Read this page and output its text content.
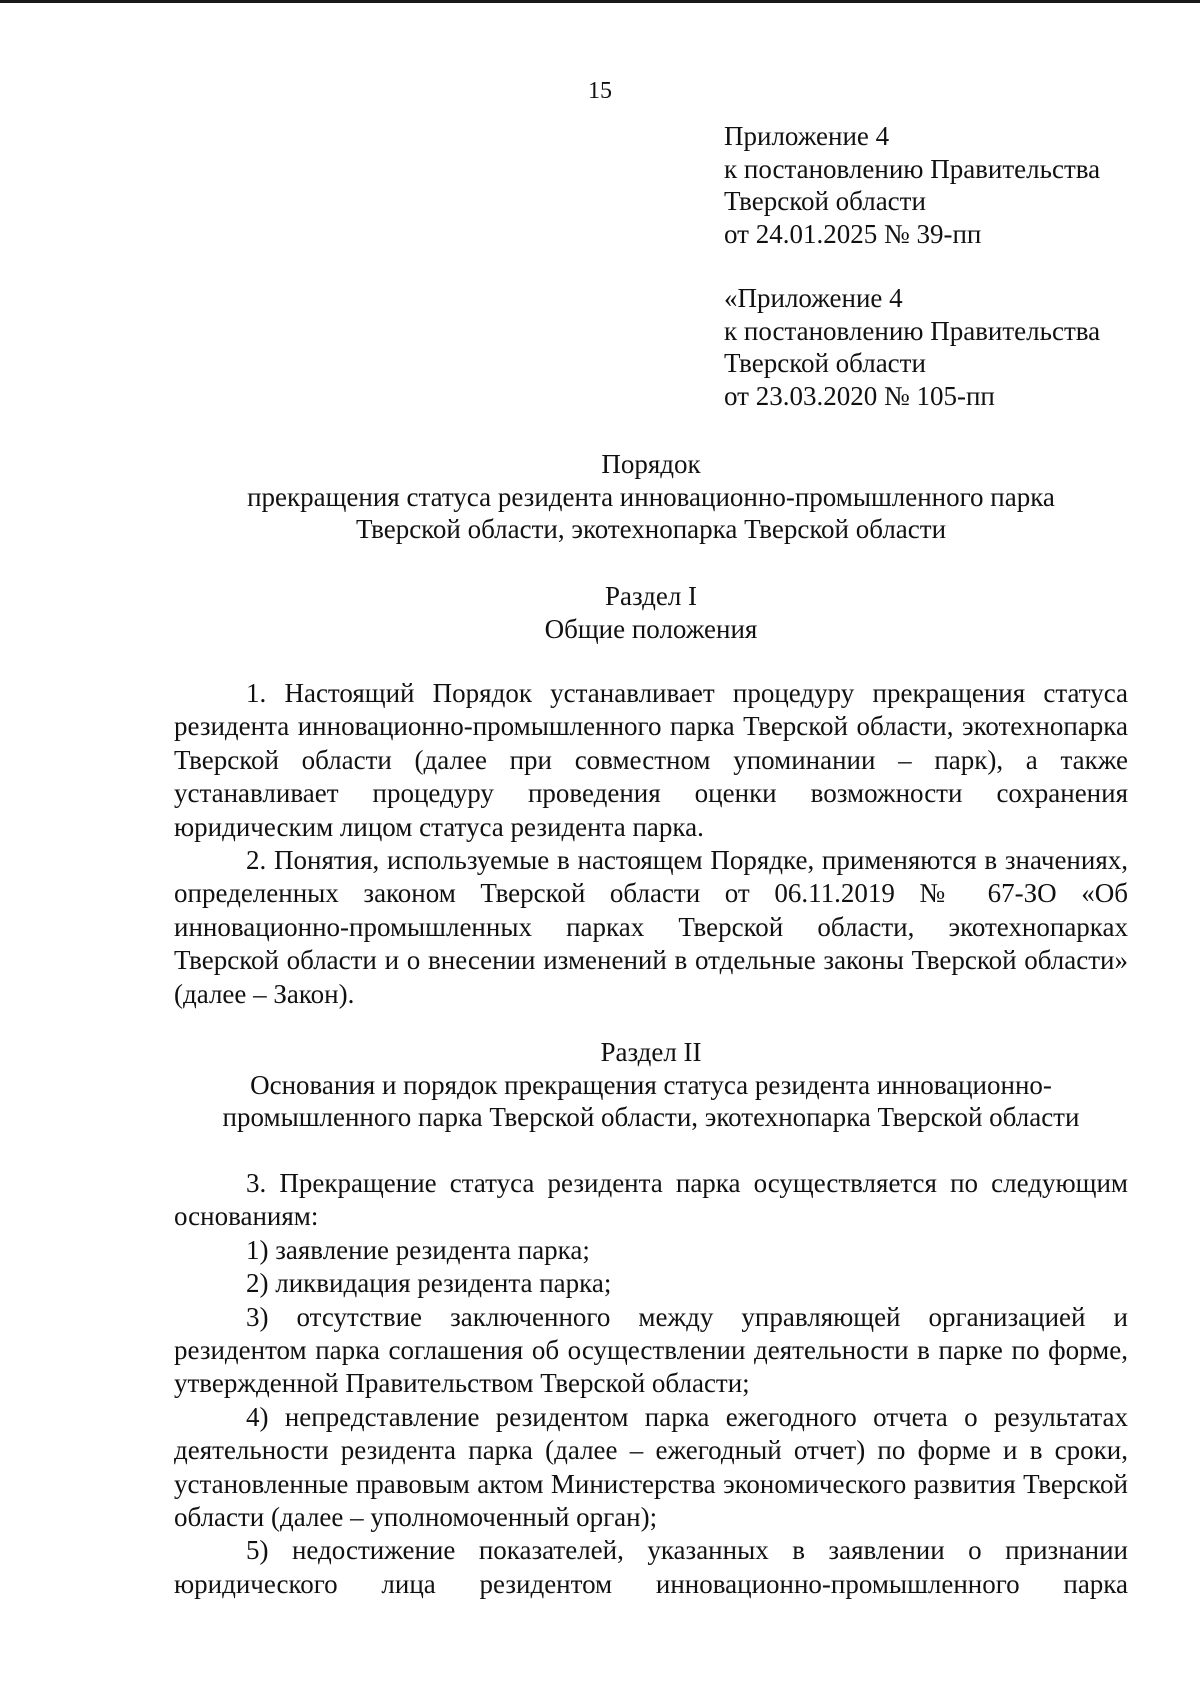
15
Приложение 4
к постановлению Правительства
Тверской области
от 24.01.2025 № 39-пп
«Приложение 4
к постановлению Правительства
Тверской области
от 23.03.2020 № 105-пп
Порядок
прекращения статуса резидента инновационно-промышленного парка
Тверской области, экотехнопарка Тверской области
Раздел I
Общие положения

1. Настоящий Порядок устанавливает процедуру прекращения статуса резидента инновационно-промышленного парка Тверской области, экотехнопарка Тверской области (далее при совместном упоминании – парк), а также устанавливает процедуру проведения оценки возможности сохранения юридическим лицом статуса резидента парка.

2. Понятия, используемые в настоящем Порядке, применяются в значениях, определенных законом Тверской области от 06.11.2019 № 67-ЗО «Об инновационно-промышленных парках Тверской области, экотехнопарках Тверской области и о внесении изменений в отдельные законы Тверской области» (далее – Закон).

Раздел II
Основания и порядок прекращения статуса резидента инновационно-
промышленного парка Тверской области, экотехнопарка Тверской области

3. Прекращение статуса резидента парка осуществляется по следующим основаниям:

1) заявление резидента парка;

2) ликвидация резидента парка;

3) отсутствие заключенного между управляющей организацией и резидентом парка соглашения об осуществлении деятельности в парке по форме, утвержденной Правительством Тверской области;

4) непредставление резидентом парка ежегодного отчета о результатах деятельности резидента парка (далее – ежегодный отчет) по форме и в сроки, установленные правовым актом Министерства экономического развития Тверской области (далее – уполномоченный орган);

5) недостижение показателей, указанных в заявлении о признании юридического лица резидентом инновационно-промышленного парка
